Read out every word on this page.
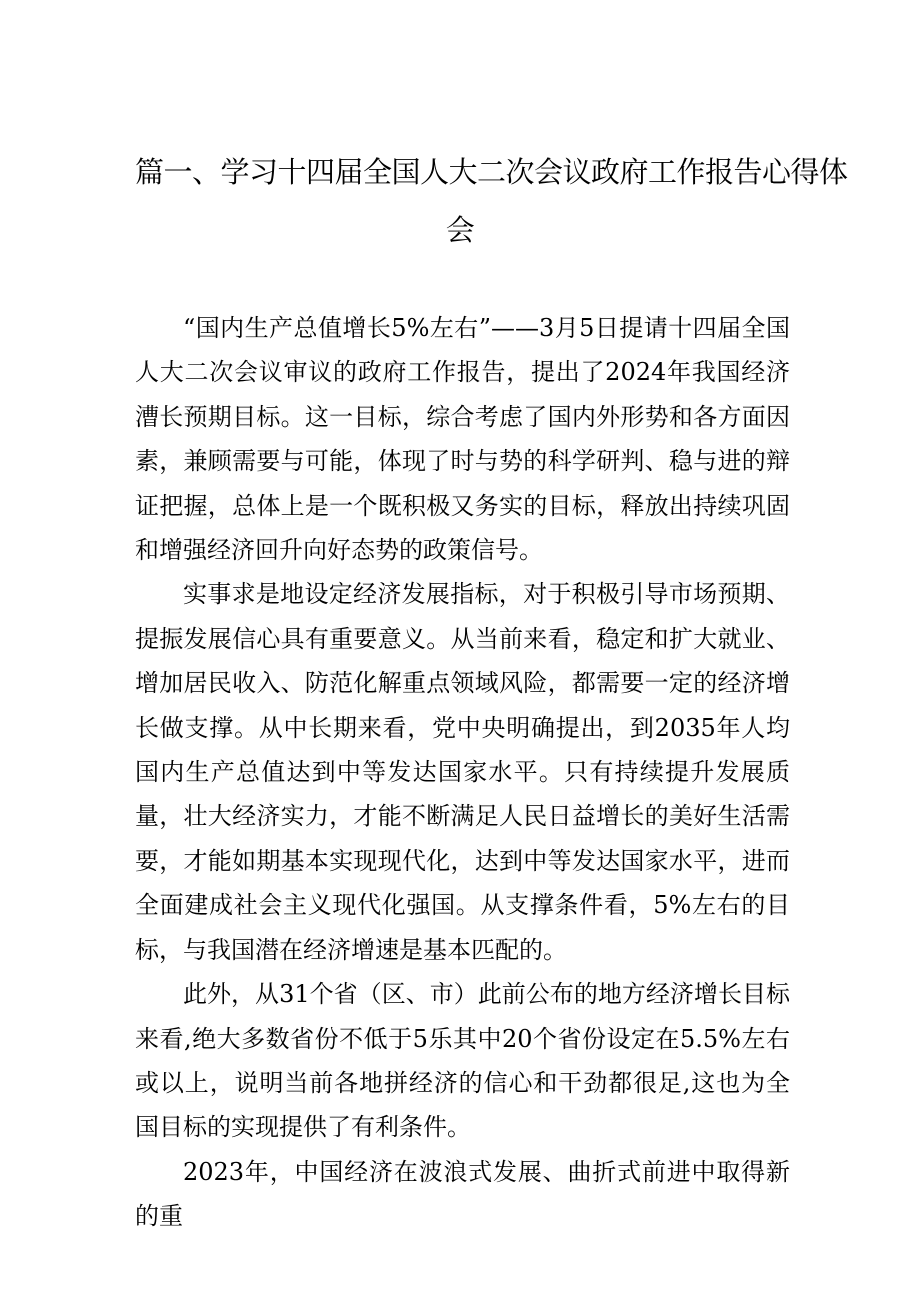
篇一、学习十四届全国人大二次会议政府工作报告心得体
会

“国内生产总值增长5%左右”——3月5日提请十四届全国人大二次会议审议的政府工作报告，提出了2024年我国经济漕长预期目标。这一目标，综合考虑了国内外形势和各方面因素，兼顾需要与可能，体现了时与势的科学研判、稳与进的辩证把握，总体上是一个既积极又务实的目标，释放出持续巩固和增强经济回升向好态势的政策信号。

实事求是地设定经济发展指标，对于积极引导市场预期、提振发展信心具有重要意义。从当前来看，稳定和扩大就业、增加居民收入、防范化解重点领域风险，都需要一定的经济增长做支撑。从中长期来看，党中央明确提出，到2035年人均国内生产总值达到中等发达国家水平。只有持续提升发展质量，壮大经济实力，才能不断满足人民日益增长的美好生活需要，才能如期基本实现现代化，达到中等发达国家水平，进而全面建成社会主义现代化强国。从支撑条件看，5%左右的目标，与我国潜在经济增速是基本匹配的。

此外，从31个省（区、市）此前公布的地方经济增长目标来看,绝大多数省份不低于5乐其中20个省份设定在5.5%左右或以上，说明当前各地拼经济的信心和干劲都很足,这也为全国目标的实现提供了有利条件。

2023年，中国经济在波浪式发展、曲折式前进中取得新的重
